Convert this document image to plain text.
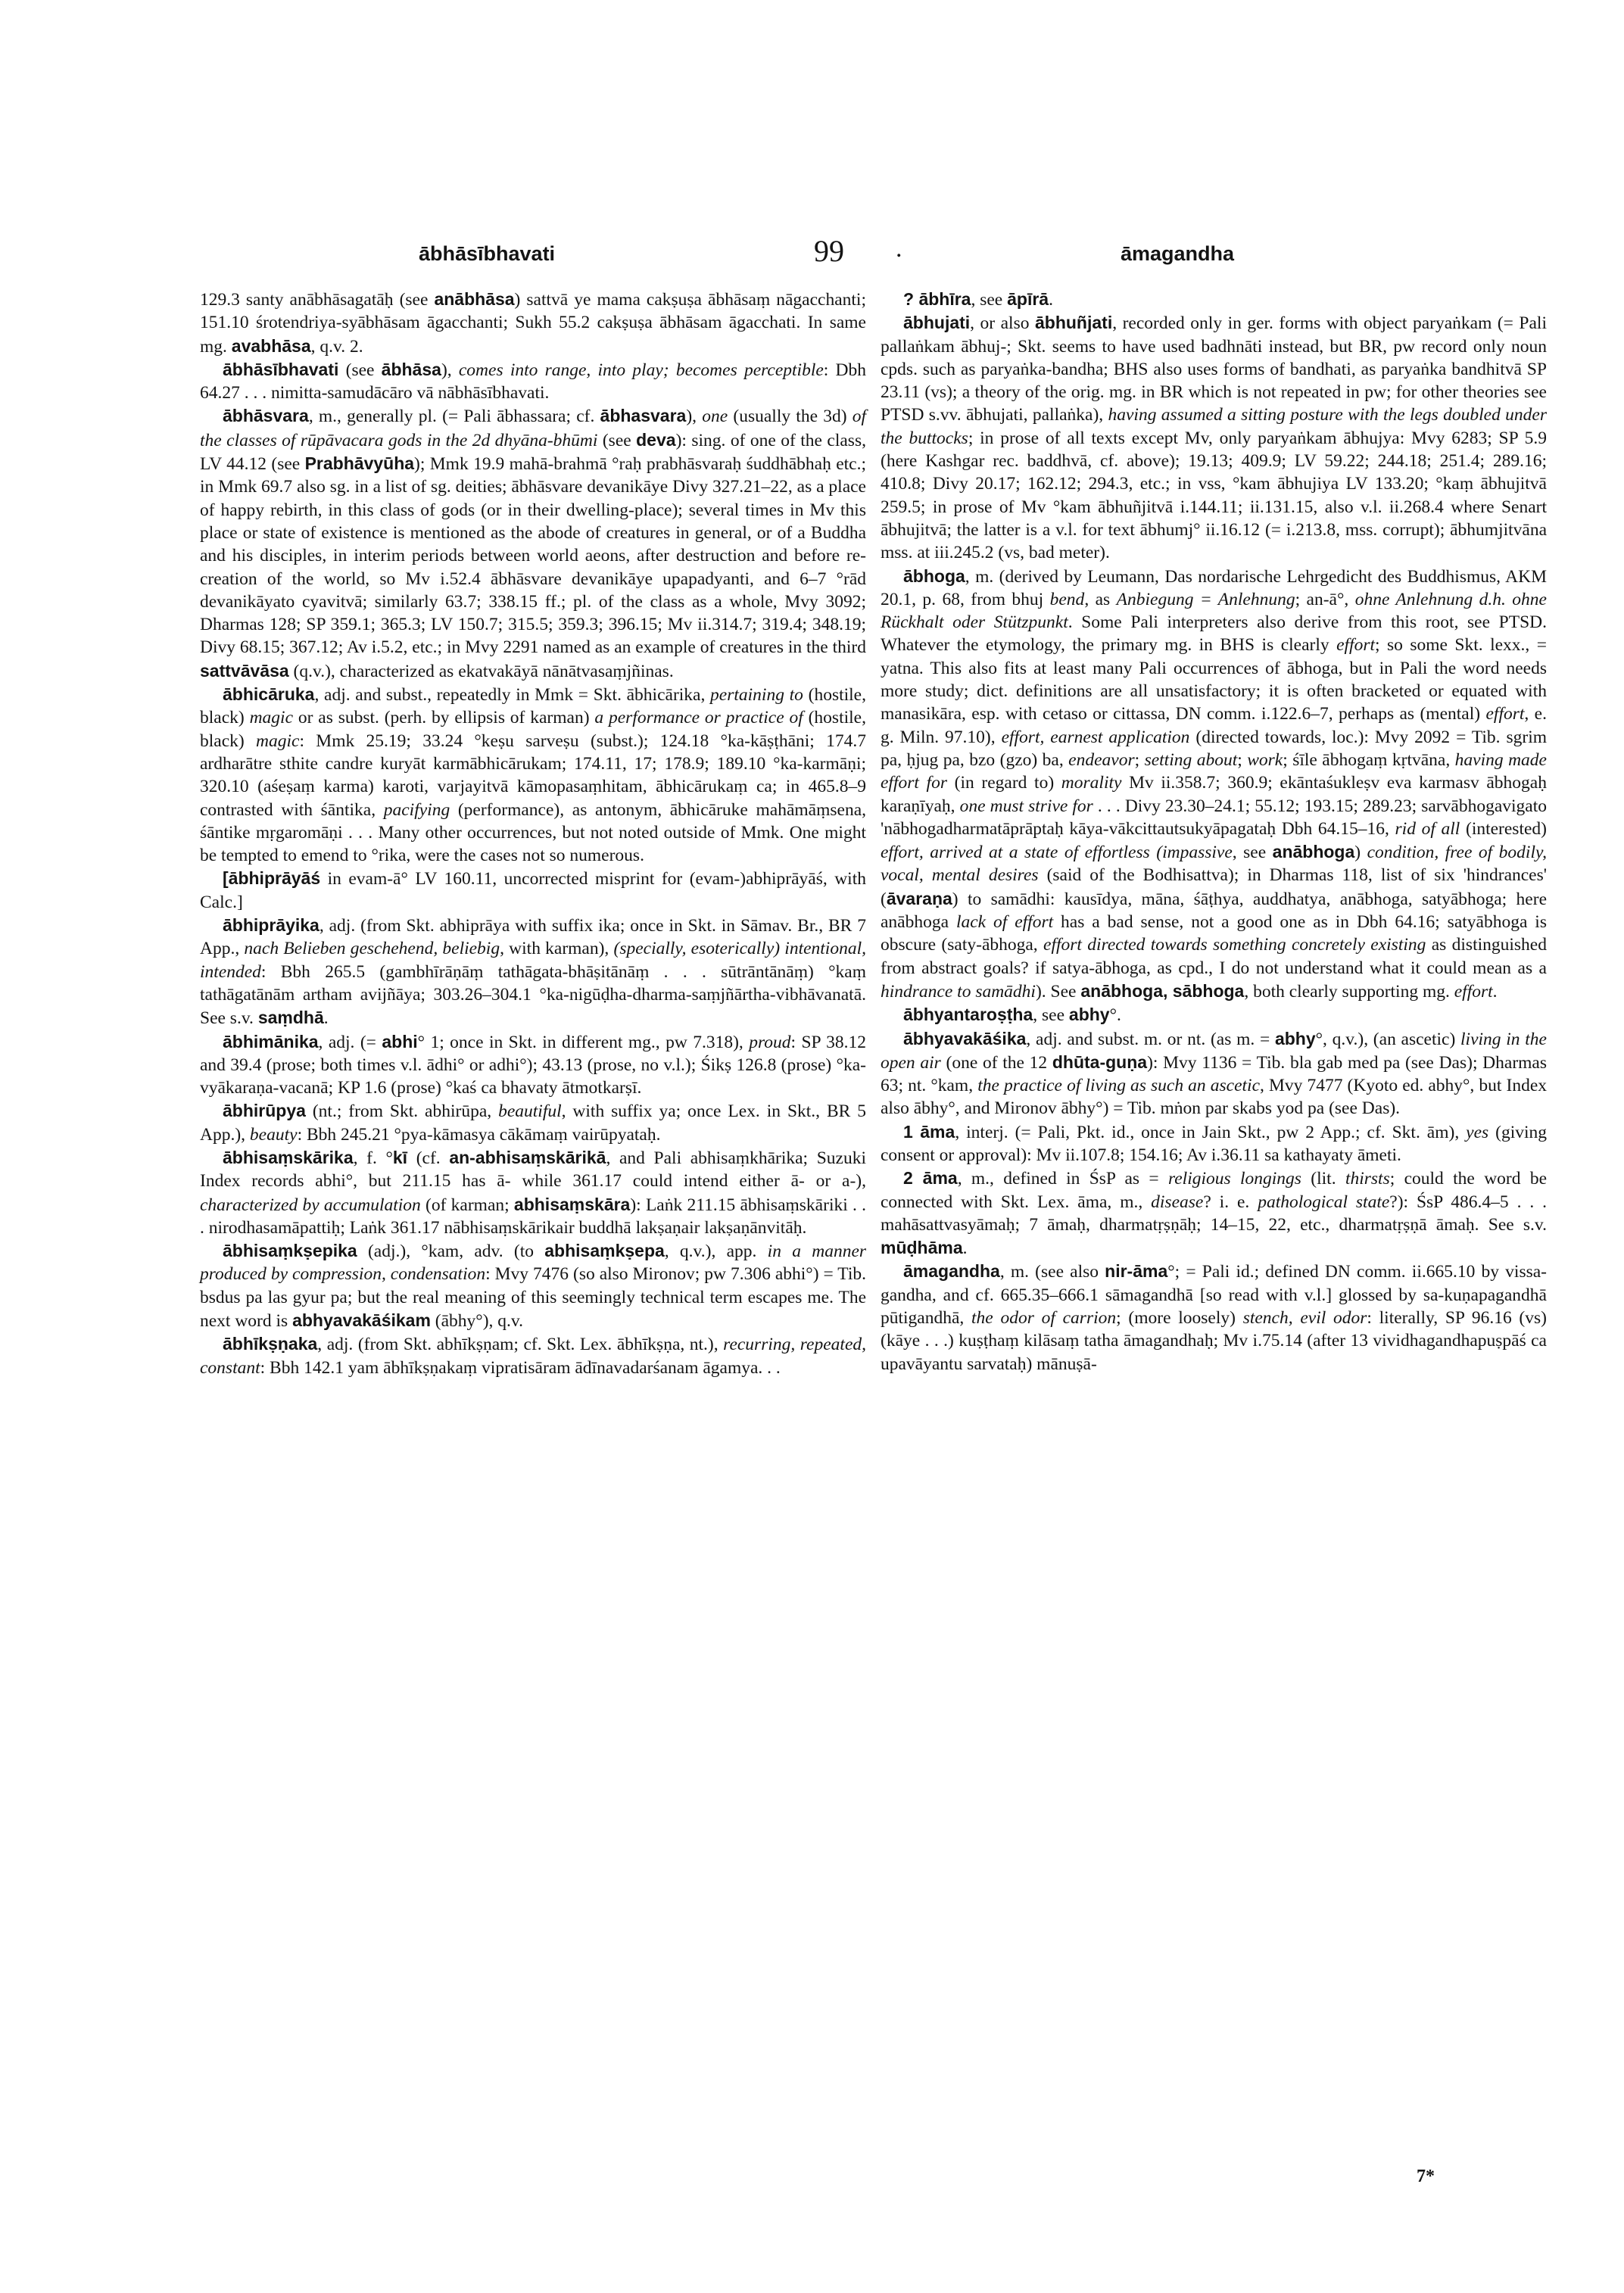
ābhāsībhavati	99 .	āmagandha

129.3 santy anābhāsagatāḥ (see anābhāsa) sattvā ye mama cakṣuṣa ābhāsaṃ nāgacchanti; 151.10 śrotendriya-syābhāsam āgacchanti; Sukh 55.2 cakṣuṣa ābhāsam āgacchati. In same mg. avabhāsa, q.v. 2.

ābhāsībhavati (see ābhāsa), comes into range, into play; becomes perceptible: Dbh 64.27 . . . nimitta-samudācāro vā nābhāsībhavati.

ābhāsvara, m., generally pl. (= Pali ābhassara; cf. ābhasvara), one (usually the 3d) of the classes of rūpāvacara gods in the 2d dhyāna-bhūmi (see deva): sing. of one of the class, LV 44.12 (see Prabhāvyūha); Mmk 19.9 mahā-brahmā °raḥ prabhāsvaraḥ śuddhābhaḥ etc.; in Mmk 69.7 also sg. in a list of sg. deities; ābhāsvare devanikāye Divy 327.21–22, as a place of happy rebirth, in this class of gods (or in their dwelling-place); several times in Mv this place or state of existence is mentioned as the abode of creatures in general, or of a Buddha and his disciples, in interim periods between world aeons, after destruction and before re-creation of the world, so Mv i.52.4 ābhāsvare devanikāye upapadyanti, and 6–7 °rād devanikāyato cyavitvā; similarly 63.7; 338.15 ff.; pl. of the class as a whole, Mvy 3092; Dharmas 128; SP 359.1; 365.3; LV 150.7; 315.5; 359.3; 396.15; Mv ii.314.7; 319.4; 348.19; Divy 68.15; 367.12; Av i.5.2, etc.; in Mvy 2291 named as an example of creatures in the third sattvāvāsa (q.v.), characterized as ekatvakāyā nānātvasaṃjñinas.

ābhicāruka, adj. and subst., repeatedly in Mmk = Skt. ābhicārika, pertaining to (hostile, black) magic or as subst. (perh. by ellipsis of karman) a performance or practice of (hostile, black) magic: Mmk 25.19; 33.24 °keṣu sarveṣu (subst.); 124.18 °ka-kāṣṭhāni; 174.7 ardharātre sthite candre kuryāt karmābhicārukam; 174.11, 17; 178.9; 189.10 °ka-karmāṇi; 320.10 (aśeṣaṃ karma) karoti, varjayitvā kāmopasaṃhitam, ābhicārukaṃ ca; in 465.8–9 contrasted with śāntika, pacifying (performance), as antonym, ābhicāruke mahāmāṃsena, śāntike mṛgaromāṇi . . . Many other occurrences, but not noted outside of Mmk. One might be tempted to emend to °rika, were the cases not so numerous.

[ābhiprāyāś in evam-ā° LV 160.11, uncorrected misprint for (evam-)abhiprāyāś, with Calc.]

ābhiprāyika, adj. (from Skt. abhiprāya with suffix ika; once in Skt. in Sāmav. Br., BR 7 App., nach Belieben geschehend, beliebig, with karman), (specially, esoterically) intentional, intended: Bbh 265.5 (gambhīrāṇāṃ tathāgata-bhāṣitānāṃ . . . sūtrāntānāṃ) °kaṃ tathāgatānām artham avijñāya; 303.26–304.1 °ka-nigūḍha-dharma-saṃjñārtha-vibhāvanatā. See s.v. saṃdhā.

ābhimānika, adj. (= abhi° 1; once in Skt. in different mg., pw 7.318), proud: SP 38.12 and 39.4 (prose; both times v.l. ādhi° or adhi°); 43.13 (prose, no v.l.); Śikṣ 126.8 (prose) °ka-vyākaraṇa-vacanā; KP 1.6 (prose) °kaś ca bhavaty ātmotkarṣī.

ābhirūpya (nt.; from Skt. abhirūpa, beautiful, with suffix ya; once Lex. in Skt., BR 5 App.), beauty: Bbh 245.21 °pya-kāmasya cākāmaṃ vairūpyataḥ.

ābhisaṃskārika, f. °kī (cf. an-abhisaṃskārikā, and Pali abhisaṃkhārika; Suzuki Index records abhi°, but 211.15 has ā- while 361.17 could intend either ā- or a-), characterized by accumulation (of karman; abhisaṃskāra): Laṅk 211.15 ābhisaṃskāriki . . . nirodhasamāpattiḥ; Laṅk 361.17 nābhisaṃskārikair buddhā lakṣaṇair lakṣaṇānvitāḥ.

ābhisaṃkṣepika (adj.), °kam, adv. (to abhisaṃkṣepa, q.v.), app. in a manner produced by compression, condensation: Mvy 7476 (so also Mironov; pw 7.306 abhi°) = Tib. bsdus pa las gyur pa; but the real meaning of this seemingly technical term escapes me. The next word is abhyavakāśikam (ābhy°), q.v.

ābhīkṣṇaka, adj. (from Skt. abhīkṣṇam; cf. Skt. Lex. ābhīkṣṇa, nt.), recurring, repeated, constant: Bbh 142.1 yam ābhīkṣṇakaṃ vipratisāram ādīnavadarśanam āgamya. . .

? ābhīra, see āpīrā.

ābhujati, or also ābhuñjati, recorded only in ger. forms with object paryaṅkam (= Pali pallaṅkam ābhuj-; Skt. seems to have used badhnāti instead, but BR, pw record only noun cpds. such as paryaṅka-bandha; BHS also uses forms of bandhati, as paryaṅka bandhitvā SP 23.11 (vs); a theory of the orig. mg. in BR which is not repeated in pw; for other theories see PTSD s.vv. ābhujati, pallaṅka), having assumed a sitting posture with the legs doubled under the buttocks; in prose of all texts except Mv, only paryaṅkam ābhujya: Mvy 6283; SP 5.9 (here Kashgar rec. baddhvā, cf. above); 19.13; 409.9; LV 59.22; 244.18; 251.4; 289.16; 410.8; Divy 20.17; 162.12; 294.3, etc.; in vss, °kam ābhujiya LV 133.20; °kaṃ ābhujitvā 259.5; in prose of Mv °kam ābhuñjitvā i.144.11; ii.131.15, also v.l. ii.268.4 where Senart ābhujitvā; the latter is a v.l. for text ābhumj° ii.16.12 (= i.213.8, mss. corrupt); ābhumjitvāna mss. at iii.245.2 (vs, bad meter).

ābhoga, m. (derived by Leumann, Das nordarische Lehrgedicht des Buddhismus, AKM 20.1, p. 68, from bhuj bend, as Anbiegung = Anlehnung; an-ā°, ohne Anlehnung d.h. ohne Rückhalt oder Stützpunkt. Some Pali interpreters also derive from this root, see PTSD. Whatever the etymology, the primary mg. in BHS is clearly effort; so some Skt. lexx., = yatna. This also fits at least many Pali occurrences of ābhoga, but in Pali the word needs more study; dict. definitions are all unsatisfactory; it is often bracketed or equated with manasikāra, esp. with cetaso or cittassa, DN comm. i.122.6–7, perhaps as (mental) effort, e. g. Miln. 97.10), effort, earnest application (directed towards, loc.): Mvy 2092 = Tib. sgrim pa, ḥjug pa, bzo (gzo) ba, endeavor; setting about; work; śīle ābhogaṃ kṛtvāna, having made effort for (in regard to) morality Mv ii.358.7; 360.9; ekāntaśukleṣv eva karmasv ābhogaḥ karaṇīyaḥ, one must strive for . . . Divy 23.30–24.1; 55.12; 193.15; 289.23; sarvābhogavigato 'nābhogadharmatāprāptaḥ kāya-vākcittautsukyāpagataḥ Dbh 64.15–16, rid of all (interested) effort, arrived at a state of effortless (impassive, see anābhoga) condition, free of bodily, vocal, mental desires (said of the Bodhisattva); in Dharmas 118, list of six 'hindrances' (āvaraṇa) to samādhi: kausīdya, māna, śāṭhya, auddhatya, anābhoga, satyābhoga; here anābhoga lack of effort has a bad sense, not a good one as in Dbh 64.16; satyābhoga is obscure (saty-ābhoga, effort directed towards something concretely existing as distinguished from abstract goals? if satya-ābhoga, as cpd., I do not understand what it could mean as a hindrance to samādhi). See anābhoga, sābhoga, both clearly supporting mg. effort.

ābhyantaroṣṭha, see abhy°.

ābhyavakāśika, adj. and subst. m. or nt. (as m. = abhy°, q.v.), (an ascetic) living in the open air (one of the 12 dhūta-guṇa): Mvy 1136 = Tib. bla gab med pa (see Das); Dharmas 63; nt. °kam, the practice of living as such an ascetic, Mvy 7477 (Kyoto ed. abhy°, but Index also ābhy°, and Mironov ābhy°) = Tib. mṅon par skabs yod pa (see Das).

1 āma, interj. (= Pali, Pkt. id., once in Jain Skt., pw 2 App.; cf. Skt. ām), yes (giving consent or approval): Mv ii.107.8; 154.16; Av i.36.11 sa kathayaty āmeti.

2 āma, m., defined in ŚsP as = religious longings (lit. thirsts; could the word be connected with Skt. Lex. āma, m., disease? i. e. pathological state?): ŚsP 486.4–5 . . . mahāsattvasyāmaḥ; 7 āmaḥ, dharmatṛṣṇāḥ; 14–15, 22, etc., dharmatṛṣṇā āmaḥ. See s.v. mūḍhāma.

āmagandha, m. (see also nir-āma°; = Pali id.; defined DN comm. ii.665.10 by vissa-gandha, and cf. 665.35–666.1 sāmagandhā [so read with v.l.] glossed by sa-kuṇapagandhā pūtigandhā, the odor of carrion; (more loosely) stench, evil odor: literally, SP 96.16 (vs) (kāye . . .) kuṣṭhaṃ kilāsaṃ tatha āmagandhaḥ; Mv i.75.14 (after 13 vividhagandhapuṣpāś ca upavāyantu sarvataḥ) mānuṣā-

7*
